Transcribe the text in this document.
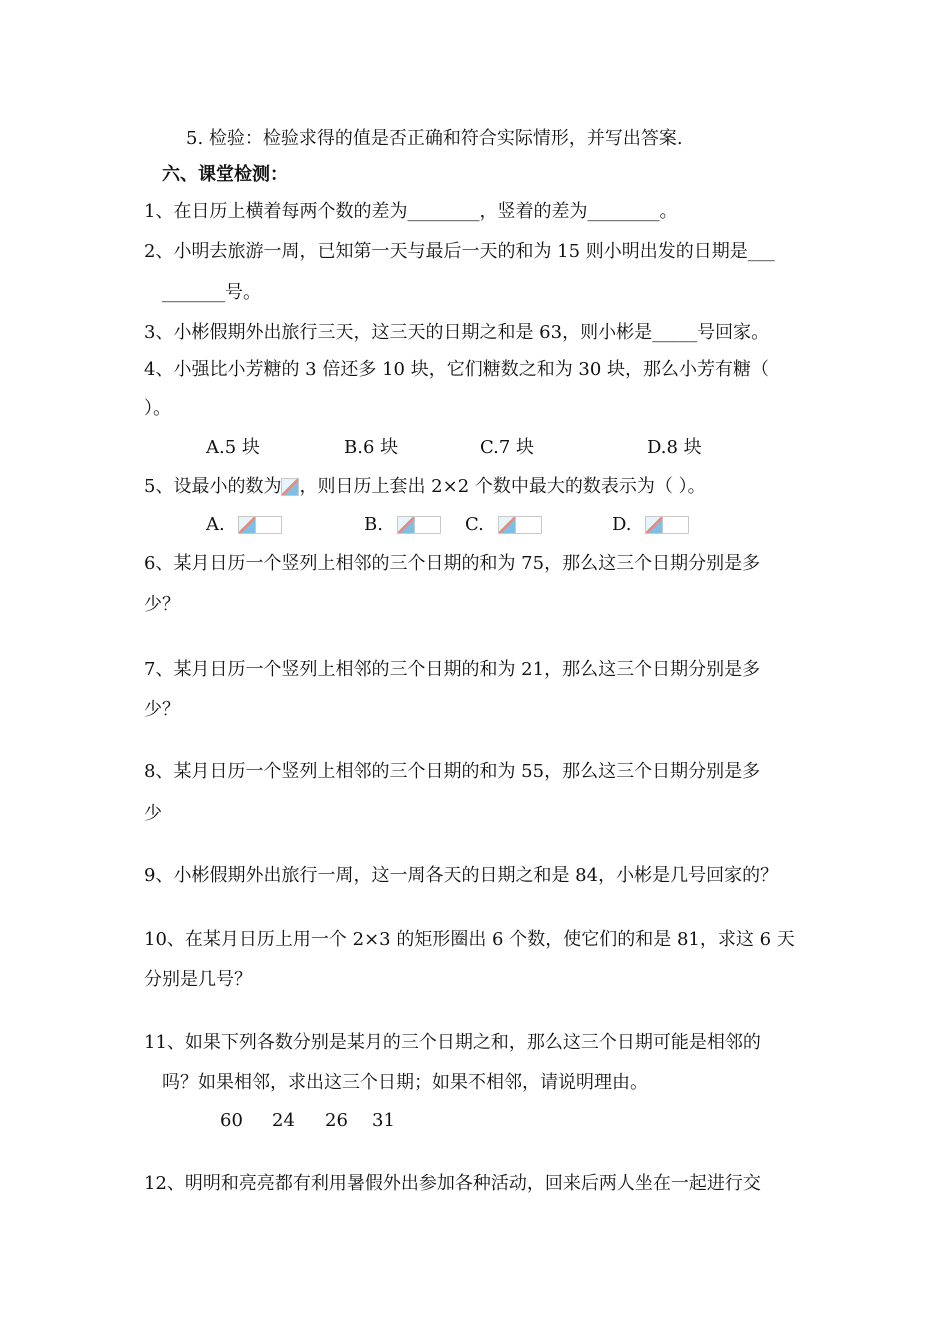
5. 检验：检验求得的值是否正确和符合实际情形，并写出答案.
六、课堂检测：
1、在日历上横着每两个数的差为________，竖着的差为________。
2、小明去旅游一周，已知第一天与最后一天的和为 15 则小明出发的日期是___
_______号。
3、小彬假期外出旅行三天，这三天的日期之和是 63，则小彬是_____号回家。
4、小强比小芳糖的 3 倍还多 10 块，它们糖数之和为 30 块，那么小芳有糖（
）。
A.5 块	B.6 块	C.7 块	D.8 块
5、设最小的数为 ，则日历上套出 2×2 个数中最大的数表示为（ ）。
A.	B.	C.	D.
6、某月日历一个竖列上相邻的三个日期的和为 75，那么这三个日期分别是多
少？
7、某月日历一个竖列上相邻的三个日期的和为 21，那么这三个日期分别是多
少？
8、某月日历一个竖列上相邻的三个日期的和为 55，那么这三个日期分别是多
少
9、小彬假期外出旅行一周，这一周各天的日期之和是 84，小彬是几号回家的？
10、在某月日历上用一个 2×3 的矩形圈出 6 个数，使它们的和是 81，求这 6 天
分别是几号？
11、如果下列各数分别是某月的三个日期之和，那么这三个日期可能是相邻的
吗？如果相邻，求出这三个日期；如果不相邻，请说明理由。
60 24 26 31
12、明明和亮亮都有利用暑假外出参加各种活动，回来后两人坐在一起进行交
